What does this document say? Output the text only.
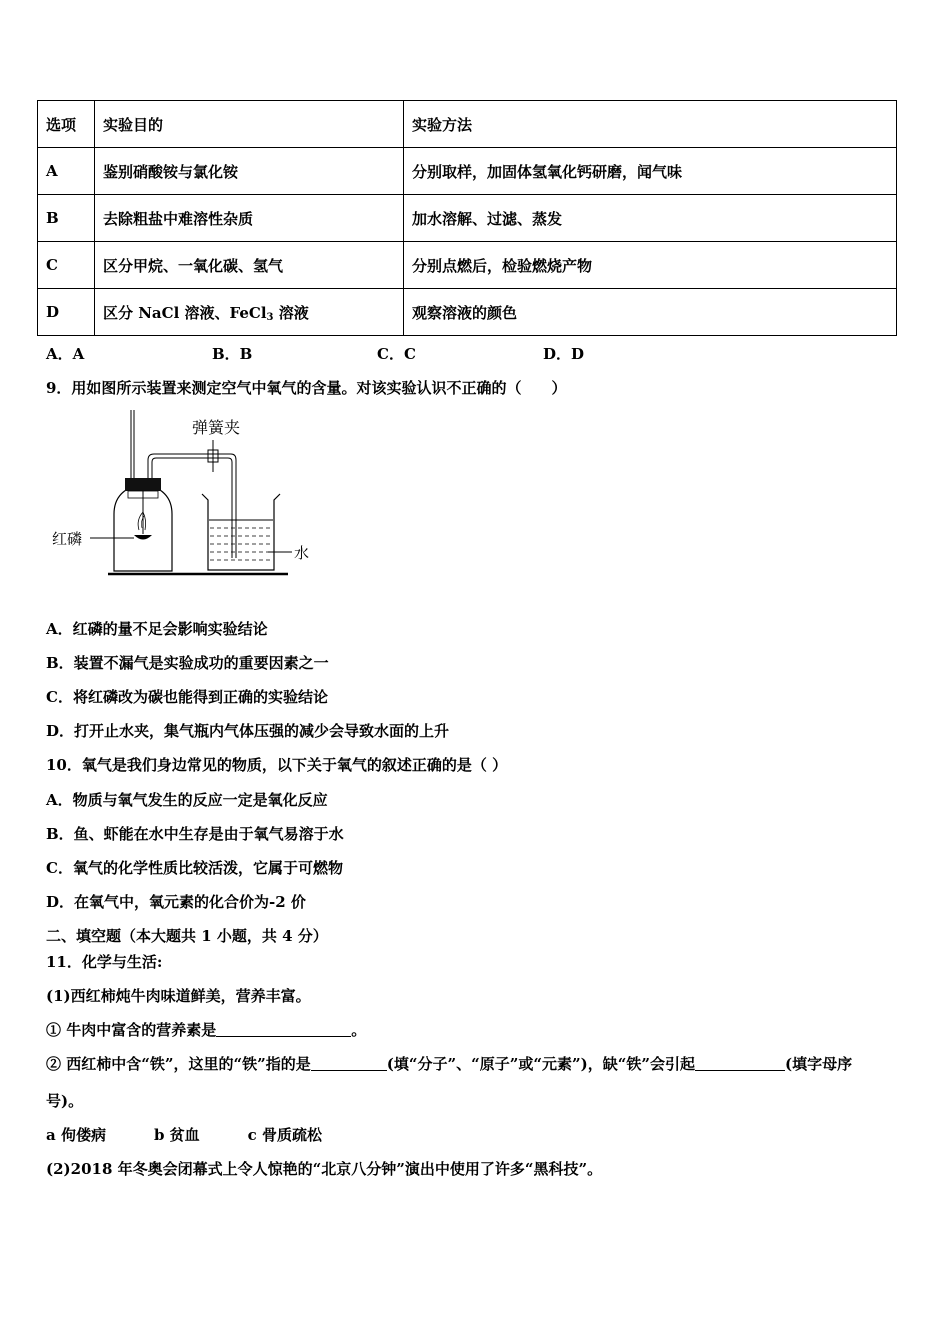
选项	实验目的	实验方法
A	鉴别硝酸铵与氯化铵	分别取样，加固体氢氧化钙研磨，闻气味
B	去除粗盐中难溶性杂质	加水溶解、过滤、蒸发
C	区分甲烷、一氧化碳、氢气	分别点燃后，检验燃烧产物
D	区分 NaCl 溶液、FeCl$_3$ 溶液	观察溶液的颜色
A．A	B．B	C．C	D．D
9．用如图所示装置来测定空气中氧气的含量。对该实验认识不正确的（　　）
弹簧夹
红磷
水
A．红磷的量不足会影响实验结论
B．装置不漏气是实验成功的重要因素之一
C．将红磷改为碳也能得到正确的实验结论
D．打开止水夹，集气瓶内气体压强的减少会导致水面的上升
10．氧气是我们身边常见的物质，以下关于氧气的叙述正确的是（ ）
A．物质与氧气发生的反应一定是氧化反应
B．鱼、虾能在水中生存是由于氧气易溶于水
C．氧气的化学性质比较活泼，它属于可燃物
D．在氧气中，氧元素的化合价为-2 价
二、填空题（本大题共 1 小题，共 4 分）
11．化学与生活:
(1)西红柿炖牛肉味道鲜美，营养丰富。
① 牛肉中富含的营养素是	。
② 西红柿中含“铁”，这里的“铁”指的是	(填“分子”、“原子”或“元素”)，缺“铁”会引起	(填字母序
号)。
a 佝偻病	b 贫血	c 骨质疏松
(2)2018 年冬奥会闭幕式上令人惊艳的“北京八分钟”演出中使用了许多“黑科技”。
